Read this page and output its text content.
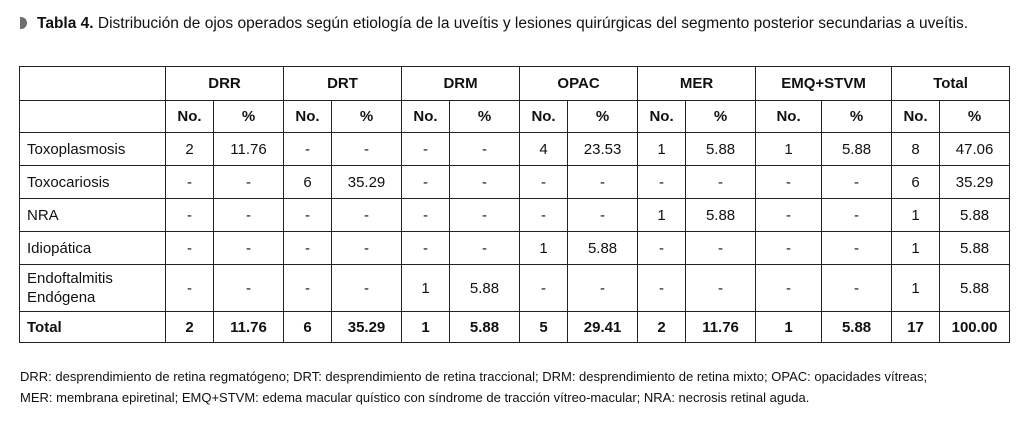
Tabla 4. Distribución de ojos operados según etiología de la uveítis y lesiones quirúrgicas del segmento posterior secundarias a uveítis.
	DRR		DRT		DRM		OPAC		MER		EMQ+STVM		Total	
	No.	%	No.	%	No.	%	No.	%	No.	%	No.	%	No.	%
Toxoplasmosis	2	11.76	-	-	-	-	4	23.53	1	5.88	1	5.88	8	47.06
Toxocariosis	-	-	6	35.29	-	-	-	-	-	-	-	-	6	35.29
NRA	-	-	-	-	-	-	-	-	1	5.88	-	-	1	5.88
Idiopática	-	-	-	-	-	-	1	5.88	-	-	-	-	1	5.88
Endoftalmitis Endógena	-	-	-	-	1	5.88	-	-	-	-	-	-	1	5.88
Total	2	11.76	6	35.29	1	5.88	5	29.41	2	11.76	1	5.88	17	100.00
DRR: desprendimiento de retina regmatógeno; DRT: desprendimiento de retina traccional; DRM: desprendimiento de retina mixto; OPAC: opacidades vítreas;
MER: membrana epiretinal; EMQ+STVM: edema macular quístico con síndrome de tracción vítreo-macular; NRA: necrosis retinal aguda.
